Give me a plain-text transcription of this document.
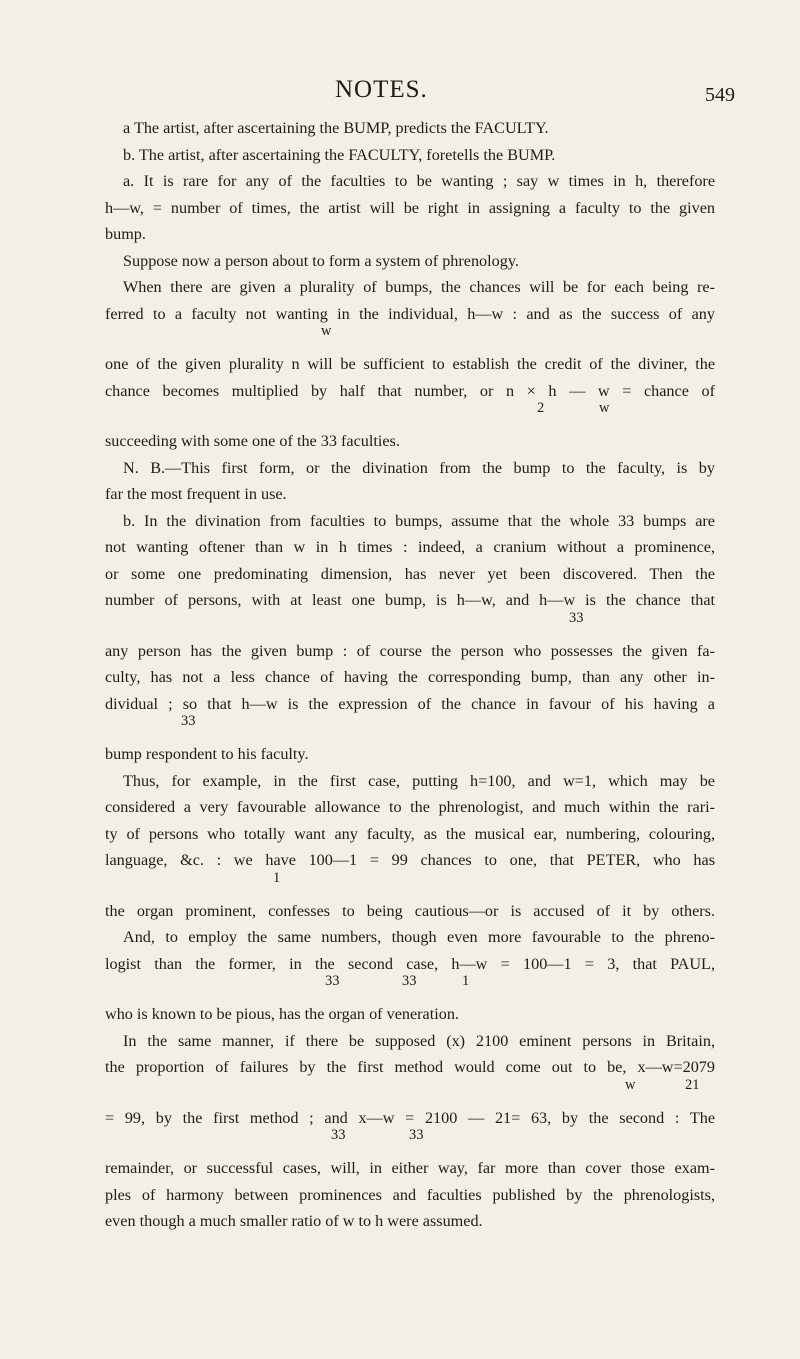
NOTES.	549
a The artist, after ascertaining the BUMP, predicts the FACULTY.
b. The artist, after ascertaining the FACULTY, foretells the BUMP.
a. It is rare for any of the faculties to be wanting ; say w times in h, therefore
h—w, = number of times, the artist will be right in assigning a faculty to the given
bump.
Suppose now a person about to form a system of phrenology.
When there are given a plurality of bumps, the chances will be for each being re-
ferred to a faculty not wanting in the individual, h—w : and as the success of any
w
one of the given plurality n will be sufficient to establish the credit of the diviner, the
chance becomes multiplied by half that number, or n × h — w = chance of
2	w
succeeding with some one of the 33 faculties.
N. B.—This first form, or the divination from the bump to the faculty, is by
far the most frequent in use.
b. In the divination from faculties to bumps, assume that the whole 33 bumps are
not wanting oftener than w in h times : indeed, a cranium without a prominence,
or some one predominating dimension, has never yet been discovered. Then the
number of persons, with at least one bump, is h—w, and h—w is the chance that
33
any person has the given bump : of course the person who possesses the given fa-
culty, has not a less chance of having the corresponding bump, than any other in-
dividual ; so that h—w is the expression of the chance in favour of his having a
33
bump respondent to his faculty.
Thus, for example, in the first case, putting h=100, and w=1, which may be
considered a very favourable allowance to the phrenologist, and much within the rari-
ty of persons who totally want any faculty, as the musical ear, numbering, colouring,
language, &c. : we have 100—1 = 99 chances to one, that PETER, who has
1
the organ prominent, confesses to being cautious—or is accused of it by others.
And, to employ the same numbers, though even more favourable to the phreno-
logist than the former, in the second case, h—w = 100—1 = 3, that PAUL,
33	33	1
who is known to be pious, has the organ of veneration.
In the same manner, if there be supposed (x) 2100 eminent persons in Britain,
the proportion of failures by the first method would come out to be, x—w=2079
w	21
= 99, by the first method ; and x—w = 2100 — 21= 63, by the second : The
33	33
remainder, or successful cases, will, in either way, far more than cover those exam-
ples of harmony between prominences and faculties published by the phrenologists,
even though a much smaller ratio of w to h were assumed.
